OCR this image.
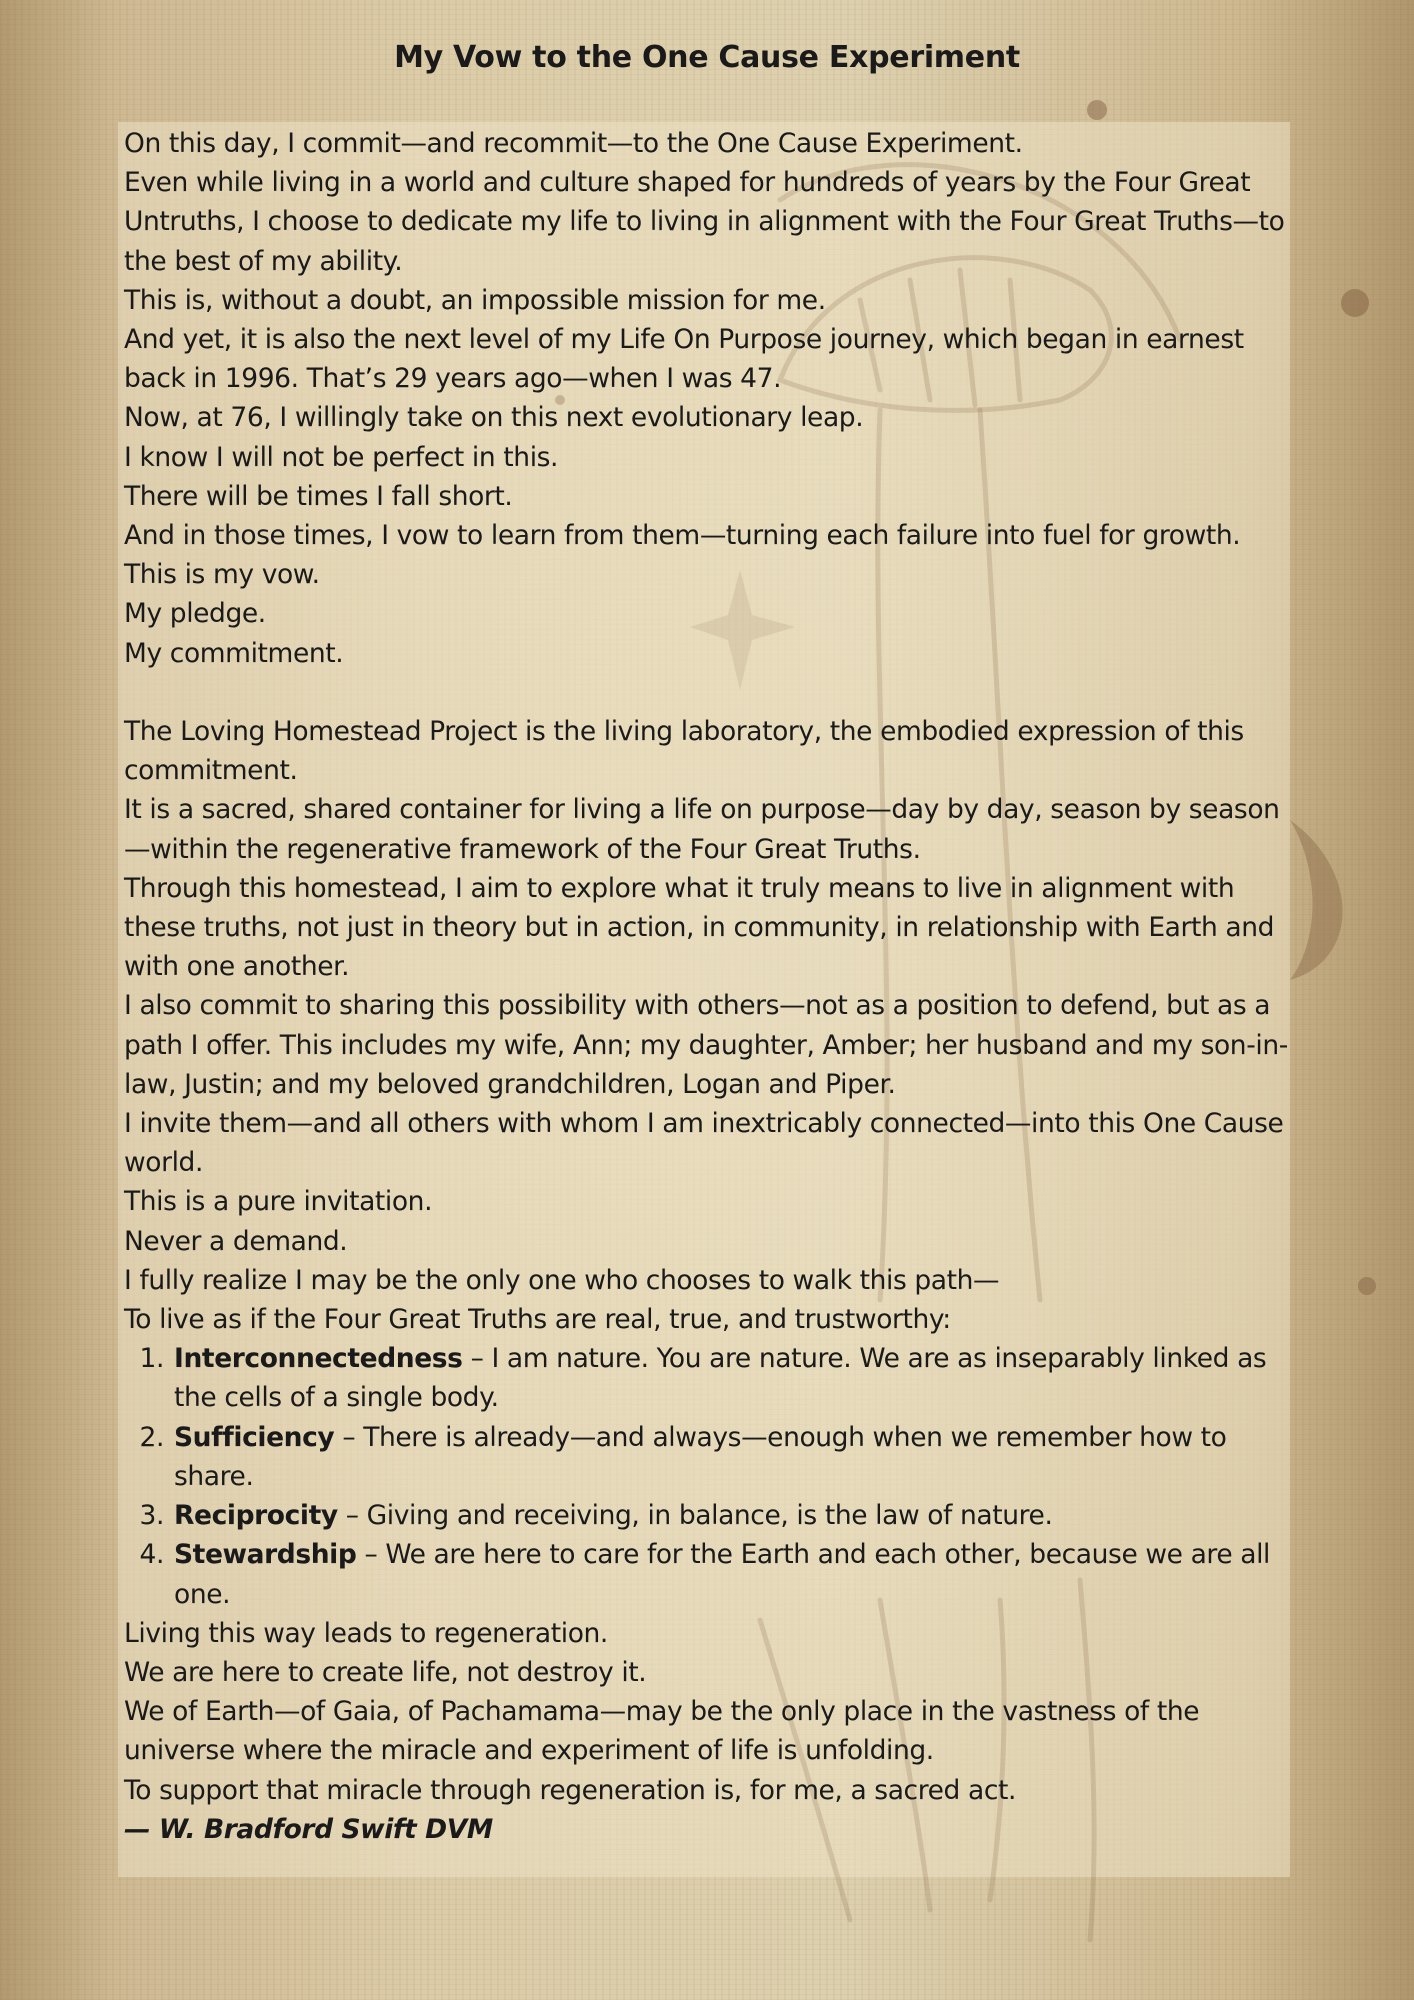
My Vow to the One Cause Experiment

On this day, I commit—and recommit—to the One Cause Experiment.

Even while living in a world and culture shaped for hundreds of years by the Four Great Untruths, I choose to dedicate my life to living in alignment with the Four Great Truths—to the best of my ability.

This is, without a doubt, an impossible mission for me.

And yet, it is also the next level of my Life On Purpose journey, which began in earnest back in 1996. That’s 29 years ago—when I was 47.

Now, at 76, I willingly take on this next evolutionary leap.

I know I will not be perfect in this.

There will be times I fall short.

And in those times, I vow to learn from them—turning each failure into fuel for growth.

This is my vow.

My pledge.

My commitment.

The Loving Homestead Project is the living laboratory, the embodied expression of this commitment.

It is a sacred, shared container for living a life on purpose—day by day, season by season—within the regenerative framework of the Four Great Truths.

Through this homestead, I aim to explore what it truly means to live in alignment with these truths, not just in theory but in action, in community, in relationship with Earth and with one another.

I also commit to sharing this possibility with others—not as a position to defend, but as a path I offer. This includes my wife, Ann; my daughter, Amber; her husband and my son-in-law, Justin; and my beloved grandchildren, Logan and Piper.

I invite them—and all others with whom I am inextricably connected—into this One Cause world.

This is a pure invitation.

Never a demand.

I fully realize I may be the only one who chooses to walk this path—

To live as if the Four Great Truths are real, true, and trustworthy:

1. Interconnectedness – I am nature. You are nature. We are as inseparably linked as the cells of a single body.
2. Sufficiency – There is already—and always—enough when we remember how to share.
3. Reciprocity – Giving and receiving, in balance, is the law of nature.
4. Stewardship – We are here to care for the Earth and each other, because we are all one.

Living this way leads to regeneration.

We are here to create life, not destroy it.

We of Earth—of Gaia, of Pachamama—may be the only place in the vastness of the universe where the miracle and experiment of life is unfolding.

To support that miracle through regeneration is, for me, a sacred act.

— W. Bradford Swift DVM
